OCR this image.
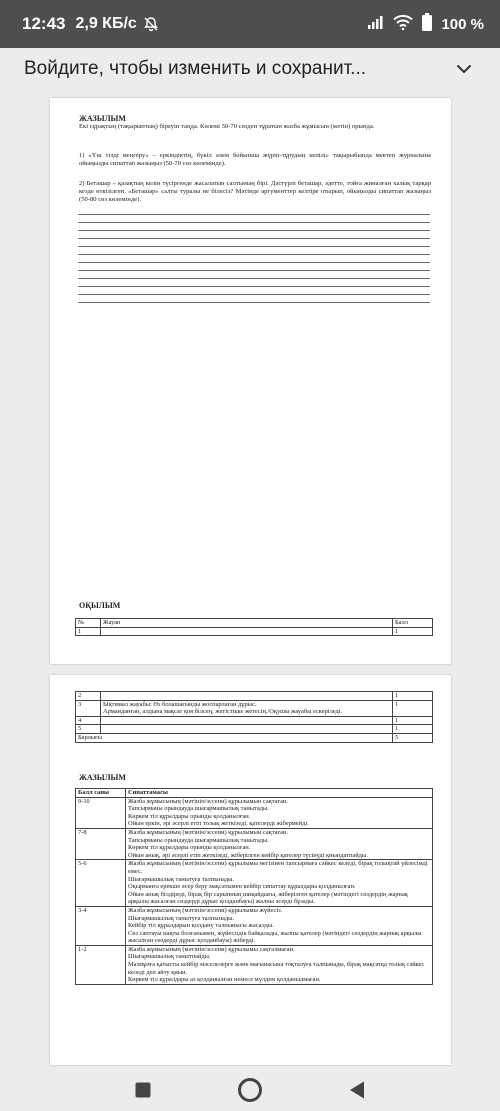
12:43 2,9 КБ/с	100 %
Войдите, чтобы изменить и сохранит...
ЖАЗЫЛЫМ
Екі сұрақтың (тақырыптың) біреуін таңда. Көлемі 50-70 сөзден тұратын жазба жұмысын (мәтін) орында.
1) «Үш тілді меңгеру» – еркіндіктің, бүкіл әлем бойынша жүріп-тұрудың кепілі» тақырыбында мектеп журналына ойыңызды сипаттап жазыңыз (50-70 сөз көлемінде).
2) Беташар – қазақтың келін түсіргенде жасалатын салтының бірі. Дәстүрлі беташар, әдетте, тойға жиналған халық тарқар кезде өткізілген. «Беташар» салты туралы не білесіз? Мәтінде аргументтер келтіре отырып, ойыңызды сипаттап жазыңыз (50-80 сөз көлемінде).
ОҚЫЛЫМ
№	Жауап	Балл
1		1
2		1
3	Ықтимал жауабы: Өз болашағынды жоспарлаған дұрыс.
Арманданған, алдына мақсат қоя білсең, жетістікке жетесің./Оқушы жауабы ескеріледі.	1
4		1
5		1
Барлығы		5
ЖАЗЫЛЫМ
Балл саны	Сипаттамасы
9-10	Жазба жұмысының (мәтінін/эссени) құрылымын сақтаған.
Тапсырманы орындауда шығармашылық танытады.
Көркем тіл құралдары орынды қолданылған.
Ойын еркін, әрі әсерлі етіп толық жеткізеді, қателерді жібермейді.
7-8	Жазба жұмысының (мәтінін/эссени) құрылымын сақтаған.
Тапсырманы орындауда шығармашылық танытады.
Көркем тіл құралдары орынды қолданылған.
Ойын анық, әрі әсерлі етіп жеткізеді, жіберілген кейбір қателер түсінуді қиындатпайды.
5-6	Жазба жұмысының (мәтінін/эссени) құрылымы негізінен тапсырмаға сәйкес келеді, бірақ толықтай үйлесімді емес.
Шығармашылық танытуға талпынады.
Оқырманға ерекше әсер беру мақсатымен кейбір сипаттау құралдары қолданылған.
Ойын анық білдіреді, бірақ бір сарынның шиқайдығы, жіберілген қателер (мәтіндегі сөздердің жарнақ арқылы жасалған сөздерді дұрыс қолданбауы) жалпы әсерді бұзады.
3-4	Жазба жұмысының (мәтінін/эссени) құрылымы жүйесіз.
Шығармашылық танытуға талпынады.
Кейбір тіл құралдарын қолдану талпынысы жасалды.
Сөз саптауы нақты болғанымен, жүйесіздік байқалады, жалпы қателер (мәтіндегі сөздердің жарнақ арқылы жасалған сөздерді дұрыс қолданбауы) жіберді.
1-2	Жазба жұмысының (мәтінін/эссени) құрылымы сақталмаған.
Шығармашылық танытпайды.
Мазмұнға қатысты кейбір мәселелерге және мағынасына тоқталуға талпынады, бірақ мақсатқа толық сәйкес келеді деп айту қиын.
Көркем тіл құралдары аз қолданылған немесе мүлдем қолданылмаған.
